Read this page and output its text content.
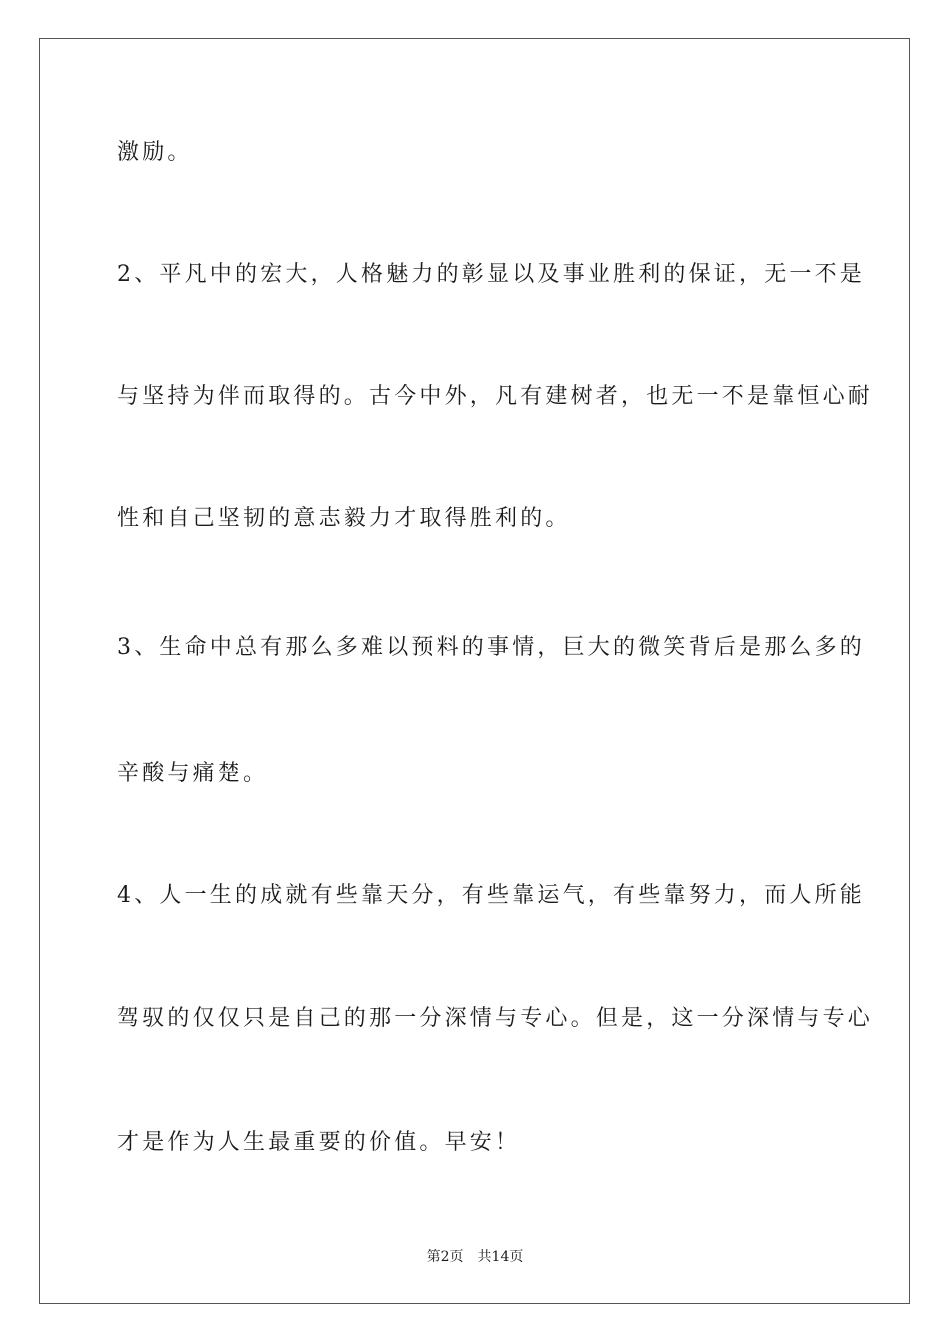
激励。
2、平凡中的宏大，人格魅力的彰显以及事业胜利的保证，无一不是
与坚持为伴而取得的。古今中外，凡有建树者，也无一不是靠恒心耐
性和自己坚韧的意志毅力才取得胜利的。
3、生命中总有那么多难以预料的事情，巨大的微笑背后是那么多的
辛酸与痛楚。
4、人一生的成就有些靠天分，有些靠运气，有些靠努力，而人所能
驾驭的仅仅只是自己的那一分深情与专心。但是，这一分深情与专心
才是作为人生最重要的价值。早安！
第2页 共14页
